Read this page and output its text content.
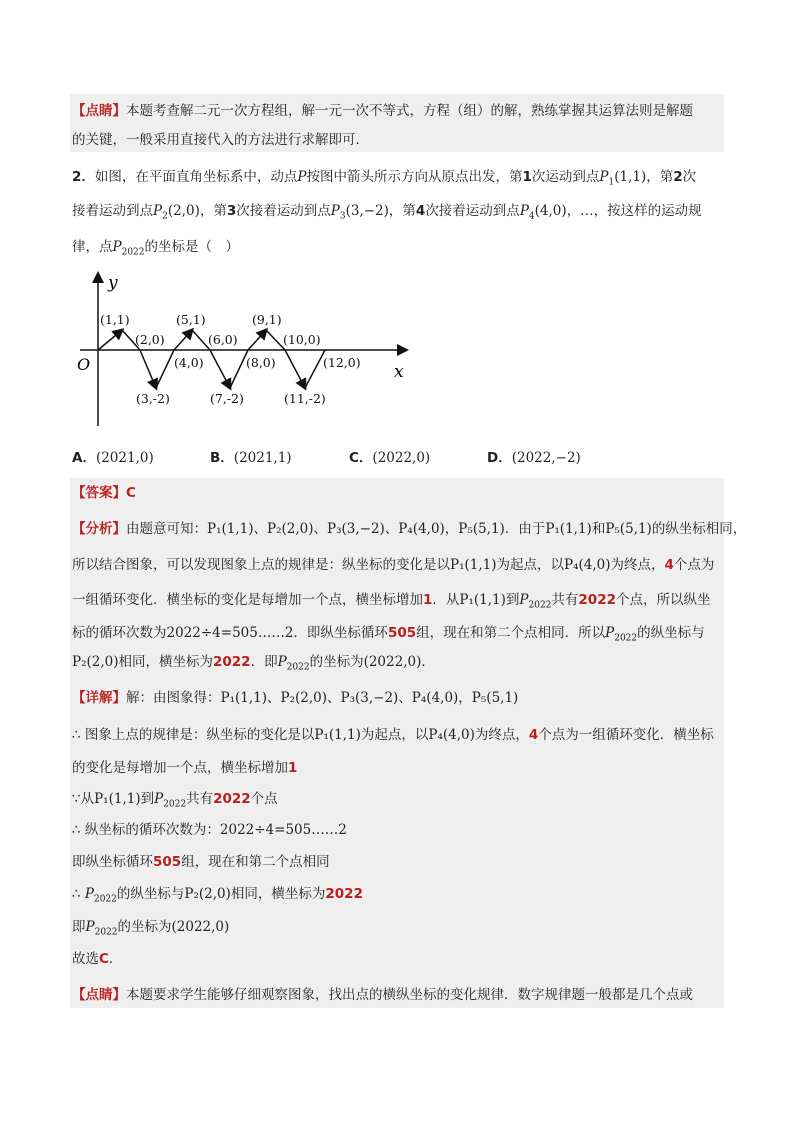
【点睛】本题考查解二元一次方程组，解一元一次不等式，方程（组）的解，熟练掌握其运算法则是解题
的关键，一般采用直接代入的方法进行求解即可．
2．如图，在平面直角坐标系中，动点P按图中箭头所示方向从原点出发，第1次运动到点$P_1(1,1)$，第2次
接着运动到点$P_2(2,0)$，第3次接着运动到点$P_3(3,-2)$，第4次接着运动到点$P_4(4,0)$，…，按这样的运动规
律，点$P_{2022}$的坐标是（　）
y
x
O
(1,1)
(2,0)
(3,-2)
(4,0)
(5,1)
(6,0)
(7,-2)
(8,0)
(9,1)
(10,0)
(11,-2)
(12,0)
A．(2021,0)	B．(2021,1)	C．(2022,0)	D．(2022,−2)
【答案】C
【分析】由题意可知：P₁(1,1)、P₂(2,0)、P₃(3,−2)、P₄(4,0)，P₅(5,1)．由于P₁(1,1)和P₅(5,1)的纵坐标相同，
所以结合图象，可以发现图象上点的规律是：纵坐标的变化是以P₁(1,1)为起点，以P₄(4,0)为终点，4个点为
一组循环变化．横坐标的变化是每增加一个点，横坐标增加1．从P₁(1,1)到$P_{2022}$共有2022个点，所以纵坐
标的循环次数为2022÷4=505……2．即纵坐标循环505组，现在和第二个点相同．所以$P_{2022}$的纵坐标与
P₂(2,0)相同，横坐标为2022．即$P_{2022}$的坐标为(2022,0)．
【详解】解：由图象得：P₁(1,1)、P₂(2,0)、P₃(3,−2)、P₄(4,0)，P₅(5,1)
∴ 图象上点的规律是：纵坐标的变化是以P₁(1,1)为起点，以P₄(4,0)为终点，4个点为一组循环变化．横坐标
的变化是每增加一个点，横坐标增加1
∵从P₁(1,1)到$P_{2022}$共有2022个点
∴ 纵坐标的循环次数为：2022÷4=505……2
即纵坐标循环505组，现在和第二个点相同
∴ $P_{2022}$的纵坐标与P₂(2,0)相同，横坐标为2022
即$P_{2022}$的坐标为(2022,0)
故选C．
【点睛】本题要求学生能够仔细观察图象，找出点的横纵坐标的变化规律．数字规律题一般都是几个点或
